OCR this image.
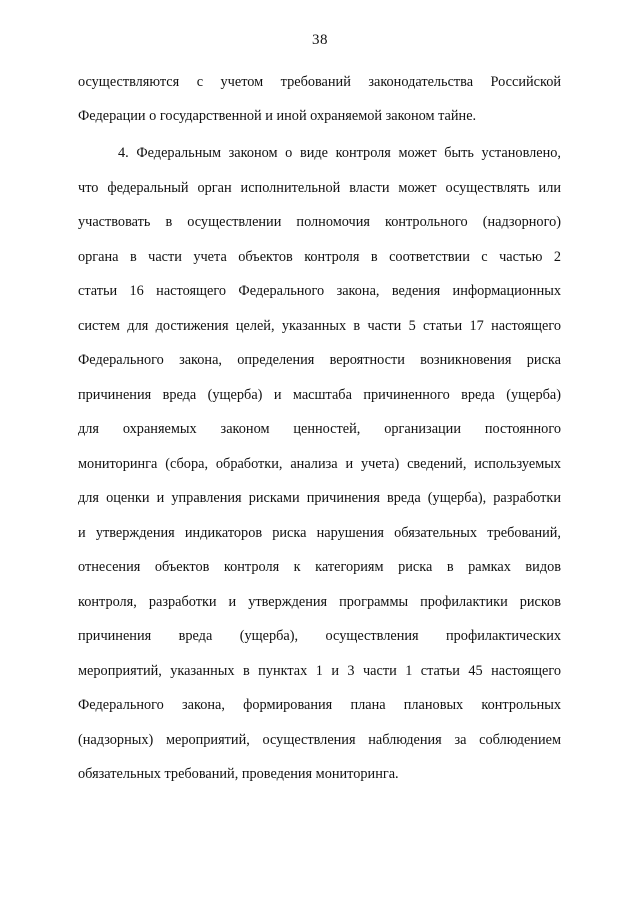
38
осуществляются с учетом требований законодательства Российской
Федерации о государственной и иной охраняемой законом тайне.
4. Федеральным законом о виде контроля может быть установлено,
что федеральный орган исполнительной власти может осуществлять или
участвовать в осуществлении полномочия контрольного (надзорного)
органа в части учета объектов контроля в соответствии с частью 2
статьи 16 настоящего Федерального закона, ведения информационных
систем для достижения целей, указанных в части 5 статьи 17 настоящего
Федерального закона, определения вероятности возникновения риска
причинения вреда (ущерба) и масштаба причиненного вреда (ущерба)
для охраняемых законом ценностей, организации постоянного
мониторинга (сбора, обработки, анализа и учета) сведений, используемых
для оценки и управления рисками причинения вреда (ущерба), разработки
и утверждения индикаторов риска нарушения обязательных требований,
отнесения объектов контроля к категориям риска в рамках видов
контроля, разработки и утверждения программы профилактики рисков
причинения вреда (ущерба), осуществления профилактических
мероприятий, указанных в пунктах 1 и 3 части 1 статьи 45 настоящего
Федерального закона, формирования плана плановых контрольных
(надзорных) мероприятий, осуществления наблюдения за соблюдением
обязательных требований, проведения мониторинга.
